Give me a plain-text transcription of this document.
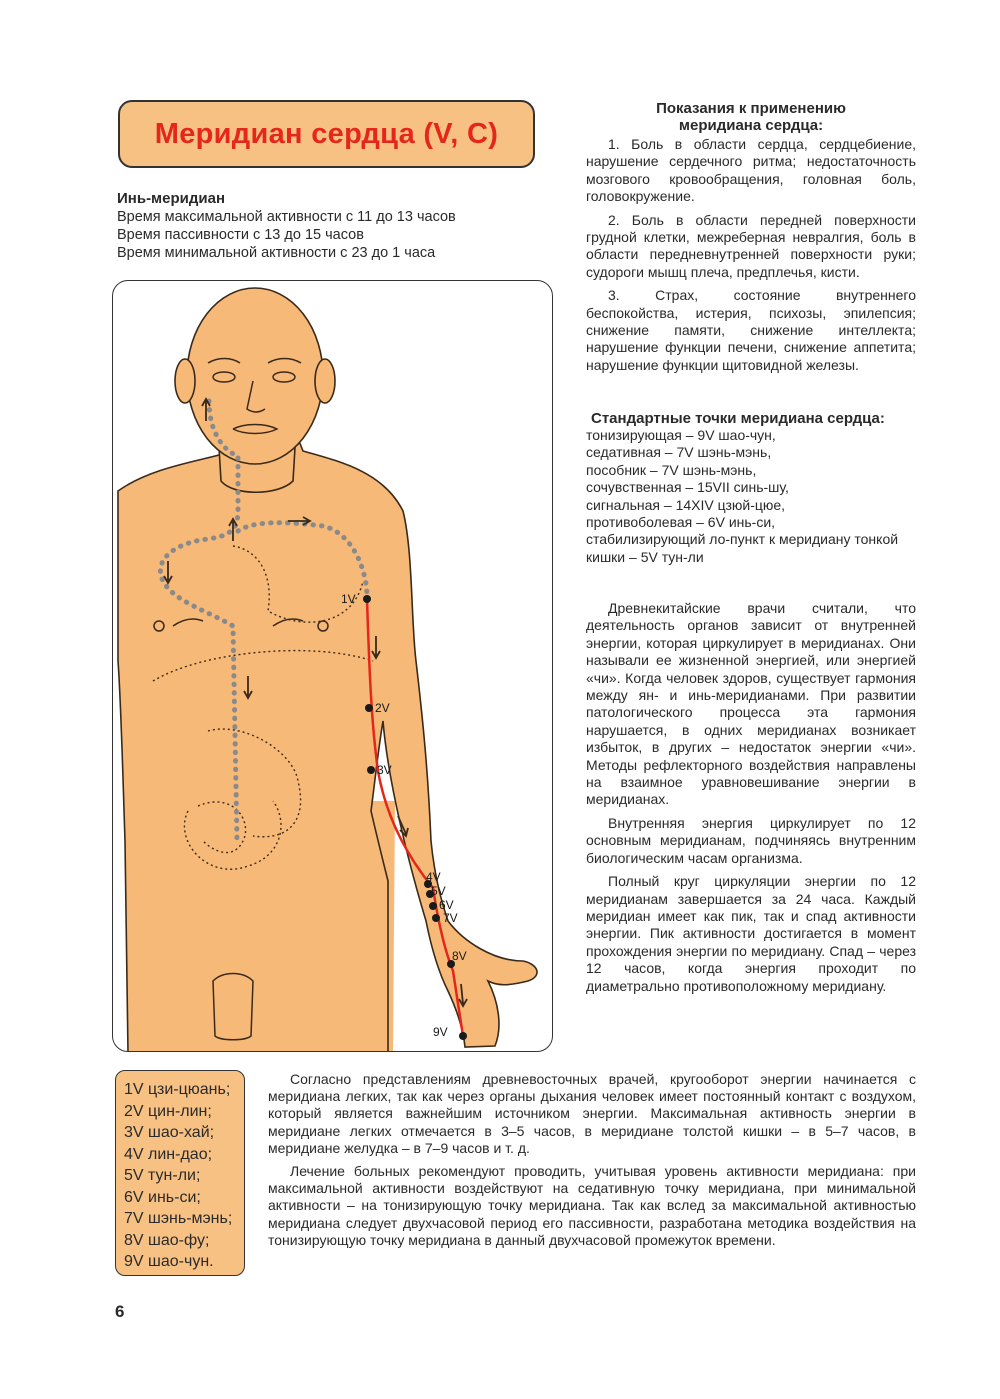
Меридиан сердца (V, C)
Инь-меридиан
Время максимальной активности с 11 до 13 часов
Время пассивности с 13 до 15 часов
Время минимальной активности с 23 до 1 часа
1V
2V
3V
4V
5V
6V
7V
8V
9V
Показания к применению
меридиана сердца:

1. Боль в области сердца, сердцебиение, нарушение сердечного ритма; недостаточность мозгового кровообращения, головная боль, головокружение.

2. Боль в области передней поверхности грудной клетки, межреберная невралгия, боль в области передневнутренней поверхности руки; судороги мышц плеча, предплечья, кисти.

3. Страх, состояние внутреннего беспокойства, истерия, психозы, эпилепсия; снижение памяти, снижение интеллекта; нарушение функции печени, снижение аппетита; нарушение функции щитовидной железы.

Стандартные точки меридиана сердца:
тонизирующая – 9V шао-чун,
седативная – 7V шэнь-мэнь,
пособник – 7V шэнь-мэнь,
сочувственная – 15VII синь-шу,
сигнальная – 14XIV цзюй-цюе,
противоболевая – 6V инь-си,
стабилизирующий ло-пункт к меридиану тонкой кишки – 5V тун-ли

Древнекитайские врачи считали, что деятельность органов зависит от внутренней энергии, которая циркулирует в меридианах. Они называли ее жизненной энергией, или энергией «чи». Когда человек здоров, существует гармония между ян- и инь-меридианами. При развитии патологического процесса эта гармония нарушается, в одних меридианах возникает избыток, в других – недостаток энергии «чи». Методы рефлекторного воздействия направлены на взаимное уравновешивание энергии в меридианах.

Внутренняя энергия циркулирует по 12 основным меридианам, подчиняясь внутренним биологическим часам организма.

Полный круг циркуляции энергии по 12 меридианам завершается за 24 часа. Каждый меридиан имеет как пик, так и спад активности энергии. Пик активности достигается в момент прохождения энергии по меридиану. Спад – через 12 часов, когда энергия проходит по диаметрально противоположному меридиану.

1V цзи-цюань;
2V цин-лин;
3V шао-хай;
4V лин-дао;
5V тун-ли;
6V инь-си;
7V шэнь-мэнь;
8V шао-фу;
9V шао-чун.

Согласно представлениям древневосточных врачей, кругооборот энергии начинается с меридиана легких, так как через органы дыхания человек имеет постоянный контакт с воздухом, который является важнейшим источником энергии. Максимальная активность энергии в меридиане легких отмечается в 3–5 часов, в меридиане толстой кишки – в 5–7 часов, в меридиане желудка – в 7–9 часов и т. д.

Лечение больных рекомендуют проводить, учитывая уровень активности меридиана: при максимальной активности воздействуют на седативную точку меридиана, при минимальной активности – на тонизирующую точку меридиана. Так как вслед за максимальной активностью меридиана следует двухчасовой период его пассивности, разработана методика воздействия на тонизирующую точку меридиана в данный двухчасовой промежуток времени.

6
